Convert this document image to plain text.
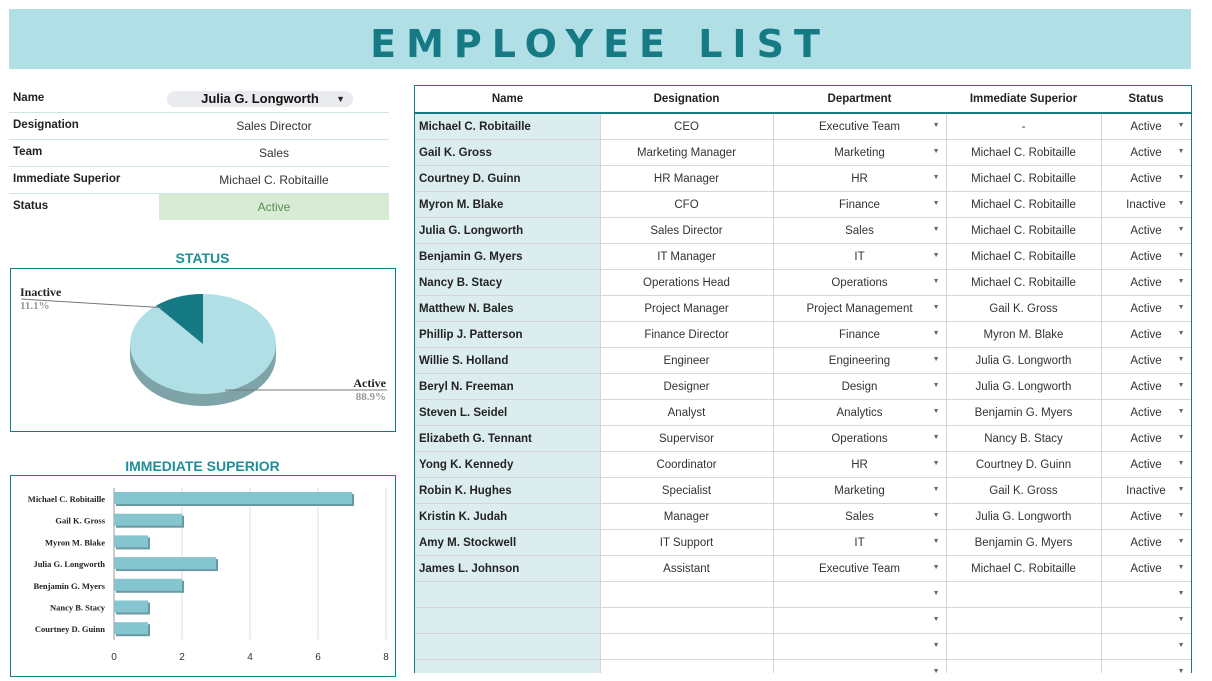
EMPLOYEE LIST
Name	Julia G. Longworth ▼
Designation	Sales Director
Team	Sales
Immediate Superior	Michael C. Robitaille
Status	Active
STATUS
Inactive
11.1%
Active
88.9%
IMMEDIATE SUPERIOR
0	2	4	6	8
Michael C. Robitaille
Gail K. Gross
Myron M. Blake
Julia G. Longworth
Benjamin G. Myers
Nancy B. Stacy
Courtney D. Guinn
Name	Designation	Department	Immediate Superior	Status
Michael C. Robitaille	CEO	Executive Team ▼	-	Active ▼
Gail K. Gross	Marketing Manager	Marketing ▼	Michael C. Robitaille	Active ▼
Courtney D. Guinn	HR Manager	HR ▼	Michael C. Robitaille	Active ▼
Myron M. Blake	CFO	Finance ▼	Michael C. Robitaille	Inactive ▼
Julia G. Longworth	Sales Director	Sales ▼	Michael C. Robitaille	Active ▼
Benjamin G. Myers	IT Manager	IT ▼	Michael C. Robitaille	Active ▼
Nancy B. Stacy	Operations Head	Operations ▼	Michael C. Robitaille	Active ▼
Matthew N. Bales	Project Manager	Project Management ▼	Gail K. Gross	Active ▼
Phillip J. Patterson	Finance Director	Finance ▼	Myron M. Blake	Active ▼
Willie S. Holland	Engineer	Engineering ▼	Julia G. Longworth	Active ▼
Beryl N. Freeman	Designer	Design ▼	Julia G. Longworth	Active ▼
Steven L. Seidel	Analyst	Analytics ▼	Benjamin G. Myers	Active ▼
Elizabeth G. Tennant	Supervisor	Operations ▼	Nancy B. Stacy	Active ▼
Yong K. Kennedy	Coordinator	HR ▼	Courtney D. Guinn	Active ▼
Robin K. Hughes	Specialist	Marketing ▼	Gail K. Gross	Inactive ▼
Kristin K. Judah	Manager	Sales ▼	Julia G. Longworth	Active ▼
Amy M. Stockwell	IT Support	IT ▼	Benjamin G. Myers	Active ▼
James L. Johnson	Assistant	Executive Team ▼	Michael C. Robitaille	Active ▼
		▼		▼
		▼		▼
		▼		▼
		▼		▼
